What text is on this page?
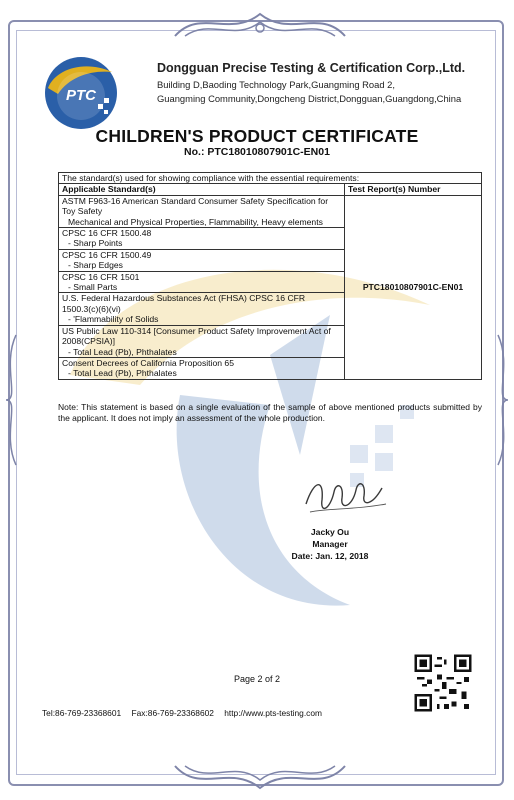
PTC
Dongguan Precise Testing & Certification Corp.,Ltd.
Building D,Baoding Technology Park,Guangming Road 2,
Guangming Community,Dongcheng District,Dongguan,Guangdong,China
CHILDREN'S PRODUCT CERTIFICATE
No.: PTC18010807901C-EN01
The standard(s) used for showing compliance with the essential requirements:	
Applicable Standard(s)	Test Report(s) Number
ASTM F963-16 American Standard Consumer Safety Specification for Toy Safety
Mechanical and Physical Properties, Flammability, Heavy elements	PTC18010807901C-EN01
CPSC 16 CFR 1500.48
- Sharp Points	

CPSC 16 CFR 1500.49
- Sharp Edges	

CPSC 16 CFR 1501
- Small Parts	

U.S. Federal Hazardous Substances Act (FHSA) CPSC 16 CFR 1500.3(c)(6)(vi)
- 'Flammability of Solids	

US Public Law 110-314 [Consumer Product Safety Improvement Act of 2008(CPSIA)]
- Total Lead (Pb), Phthalates	

Consent Decrees of California Proposition 65
- Total Lead (Pb), Phthalates	
Note: This statement is based on a single evaluation of the sample of above mentioned products submitted by the applicant. It does not imply an assessment of the whole production.
Jacky Ou
Manager
Date: Jan. 12, 2018
Page 2 of 2
Tel:86-769-23368601 Fax:86-769-23368602 http://www.pts-testing.com
